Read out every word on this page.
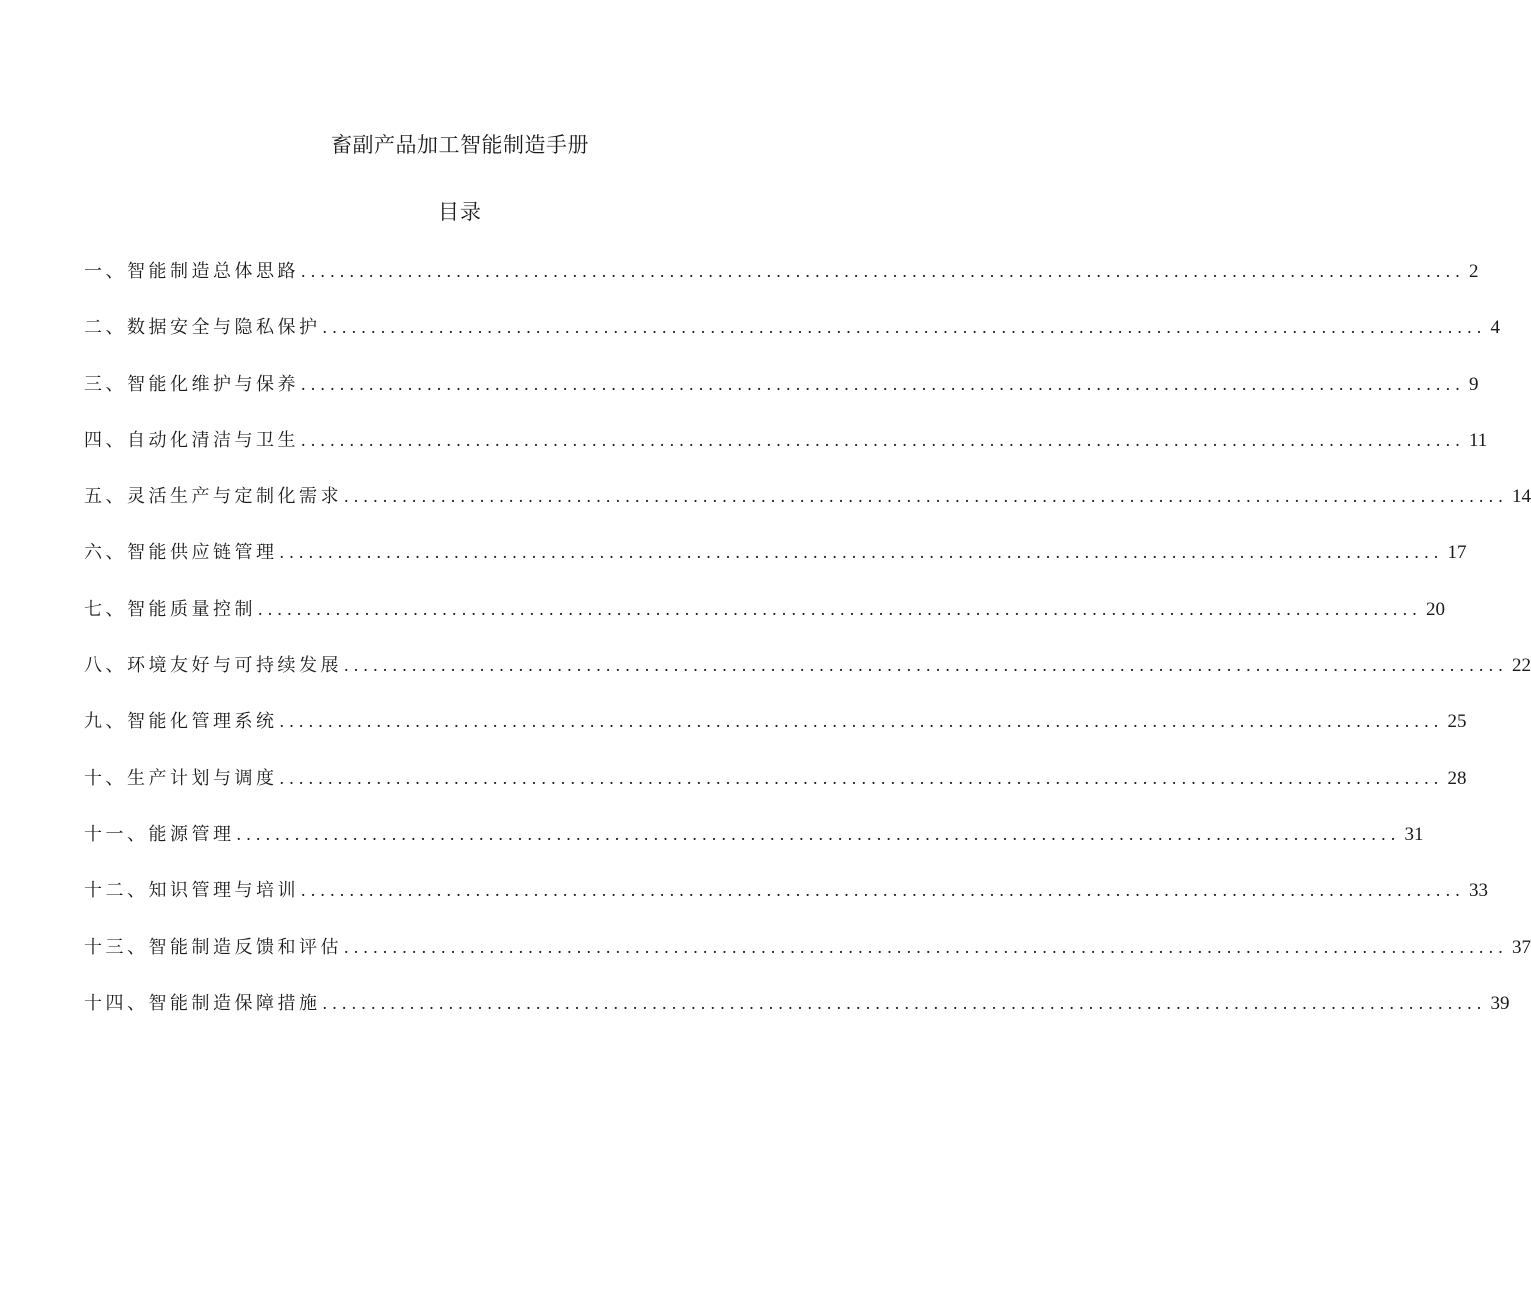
畜副产品加工智能制造手册
目录
一、智能制造总体思路 ........................................................................................................................ 2
二、数据安全与隐私保护 ........................................................................................................................ 4
三、智能化维护与保养 ........................................................................................................................ 9
四、自动化清洁与卫生 ........................................................................................................................ 11
五、灵活生产与定制化需求 ........................................................................................................................ 14
六、智能供应链管理 ........................................................................................................................ 17
七、智能质量控制 ........................................................................................................................ 20
八、环境友好与可持续发展 ........................................................................................................................ 22
九、智能化管理系统 ........................................................................................................................ 25
十、生产计划与调度 ........................................................................................................................ 28
十一、能源管理 ........................................................................................................................ 31
十二、知识管理与培训 ........................................................................................................................ 33
十三、智能制造反馈和评估 ........................................................................................................................ 37
十四、智能制造保障措施 ........................................................................................................................ 39
